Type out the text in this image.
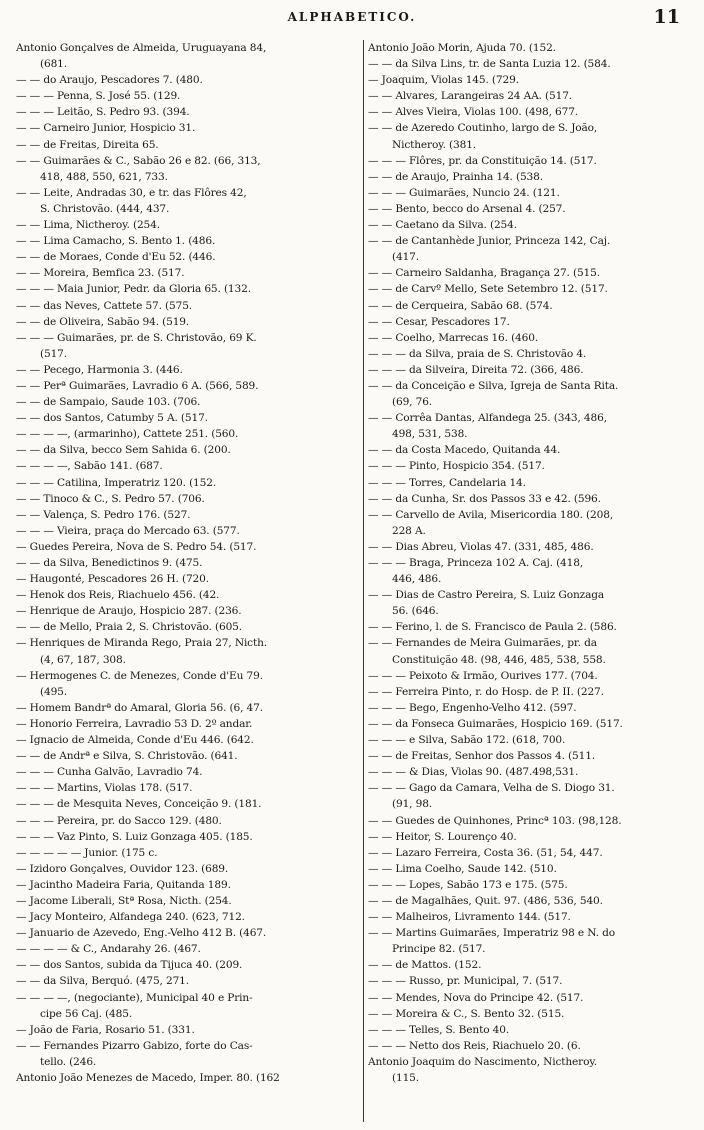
ALPHABETICO.	11
Antonio Gonçalves de Almeida, Uruguayana 84,
(681.
— — do Araujo, Pescadores 7. (480.
— — — Penna, S. José 55. (129.
— — — Leitão, S. Pedro 93. (394.
— — Carneiro Junior, Hospicio 31.
— — de Freitas, Direita 65.
— — Guimarães & C., Sabão 26 e 82. (66, 313,
418, 488, 550, 621, 733.
— — Leite, Andradas 30, e tr. das Flôres 42,
S. Christovão. (444, 437.
— — Lima, Nictheroy. (254.
— — Lima Camacho, S. Bento 1. (486.
— — de Moraes, Conde d'Eu 52. (446.
— — Moreira, Bemfica 23. (517.
— — — Maia Junior, Pedr. da Gloria 65. (132.
— — das Neves, Cattete 57. (575.
— — de Oliveira, Sabão 94. (519.
— — — Guimarães, pr. de S. Christovão, 69 K.
(517.
— — Pecego, Harmonia 3. (446.
— — Perª Guimarães, Lavradio 6 A. (566, 589.
— — de Sampaio, Saude 103. (706.
— — dos Santos, Catumby 5 A. (517.
— — — —, (armarinho), Cattete 251. (560.
— — da Silva, becco Sem Sahida 6. (200.
— — — —, Sabão 141. (687.
— — — Catilina, Imperatriz 120. (152.
— — Tinoco & C., S. Pedro 57. (706.
— — Valença, S. Pedro 176. (527.
— — — Vieira, praça do Mercado 63. (577.
— Guedes Pereira, Nova de S. Pedro 54. (517.
— — da Silva, Benedictinos 9. (475.
— Haugonté, Pescadores 26 H. (720.
— Henok dos Reis, Riachuelo 456. (42.
— Henrique de Araujo, Hospicio 287. (236.
— — de Mello, Praia 2, S. Christovão. (605.
— Henriques de Miranda Rego, Praia 27, Nicth.
(4, 67, 187, 308.
— Hermogenes C. de Menezes, Conde d'Eu 79.
(495.
— Homem Bandrª do Amaral, Gloria 56. (6, 47.
— Honorio Ferreira, Lavradio 53 D. 2º andar.
— Ignacio de Almeida, Conde d'Eu 446. (642.
— — de Andrª e Silva, S. Christovão. (641.
— — — Cunha Galvão, Lavradio 74.
— — — Martins, Violas 178. (517.
— — — de Mesquita Neves, Conceição 9. (181.
— — — Pereira, pr. do Sacco 129. (480.
— — — Vaz Pinto, S. Luiz Gonzaga 405. (185.
— — — — — Junior. (175 c.
— Izidoro Gonçalves, Ouvidor 123. (689.
— Jacintho Madeira Faria, Quitanda 189.
— Jacome Liberali, Stª Rosa, Nicth. (254.
— Jacy Monteiro, Alfandega 240. (623, 712.
— Januario de Azevedo, Eng.-Velho 412 B. (467.
— — — — & C., Andarahy 26. (467.
— — dos Santos, subida da Tijuca 40. (209.
— — da Silva, Berquó. (475, 271.
— — — —, (negociante), Municipal 40 e Prin-
cipe 56 Caj. (485.
— João de Faria, Rosario 51. (331.
— — Fernandes Pizarro Gabizo, forte do Cas-
tello. (246.
Antonio João Menezes de Macedo, Imper. 80. (162
Antonio João Morin, Ajuda 70. (152.
— — da Silva Lins, tr. de Santa Luzia 12. (584.
— Joaquim, Violas 145. (729.
— — Alvares, Larangeiras 24 AA. (517.
— — Alves Vieira, Violas 100. (498, 677.
— — de Azeredo Coutinho, largo de S. João,
Nictheroy. (381.
— — — Flôres, pr. da Constituição 14. (517.
— — de Araujo, Prainha 14. (538.
— — — Guimarães, Nuncio 24. (121.
— — Bento, becco do Arsenal 4. (257.
— — Caetano da Silva. (254.
— — de Cantanhède Junior, Princeza 142, Caj.
(417.
— — Carneiro Saldanha, Bragança 27. (515.
— — de Carvº Mello, Sete Setembro 12. (517.
— — de Cerqueira, Sabão 68. (574.
— — Cesar, Pescadores 17.
— — Coelho, Marrecas 16. (460.
— — — da Silva, praia de S. Christovão 4.
— — — da Silveira, Direita 72. (366, 486.
— — da Conceição e Silva, Igreja de Santa Rita.
(69, 76.
— — Corrêa Dantas, Alfandega 25. (343, 486,
498, 531, 538.
— — da Costa Macedo, Quitanda 44.
— — — Pinto, Hospicio 354. (517.
— — — Torres, Candelaria 14.
— — da Cunha, Sr. dos Passos 33 e 42. (596.
— — Carvello de Avila, Misericordia 180. (208,
228 A.
— — Dias Abreu, Violas 47. (331, 485, 486.
— — — Braga, Princeza 102 A. Caj. (418,
446, 486.
— — Dias de Castro Pereira, S. Luiz Gonzaga
56. (646.
— — Ferino, l. de S. Francisco de Paula 2. (586.
— — Fernandes de Meira Guimarães, pr. da
Constituição 48. (98, 446, 485, 538, 558.
— — — Peixoto & Irmão, Ourives 177. (704.
— — Ferreira Pinto, r. do Hosp. de P. II. (227.
— — — Bego, Engenho-Velho 412. (597.
— — da Fonseca Guimarães, Hospicio 169. (517.
— — — e Silva, Sabão 172. (618, 700.
— — de Freitas, Senhor dos Passos 4. (511.
— — — & Dias, Violas 90. (487.498,531.
— — — Gago da Camara, Velha de S. Diogo 31.
(91, 98.
— — Guedes de Quinhones, Princª 103. (98,128.
— — Heitor, S. Lourenço 40.
— — Lazaro Ferreira, Costa 36. (51, 54, 447.
— — Lima Coelho, Saude 142. (510.
— — — Lopes, Sabão 173 e 175. (575.
— — de Magalhães, Quit. 97. (486, 536, 540.
— — Malheiros, Livramento 144. (517.
— — Martins Guimarães, Imperatriz 98 e N. do
Principe 82. (517.
— — de Mattos. (152.
— — — Russo, pr. Municipal, 7. (517.
— — Mendes, Nova do Principe 42. (517.
— — Moreira & C., S. Bento 32. (515.
— — — Telles, S. Bento 40.
— — — Netto dos Reis, Riachuelo 20. (6.
Antonio Joaquim do Nascimento, Nictheroy.
(115.
